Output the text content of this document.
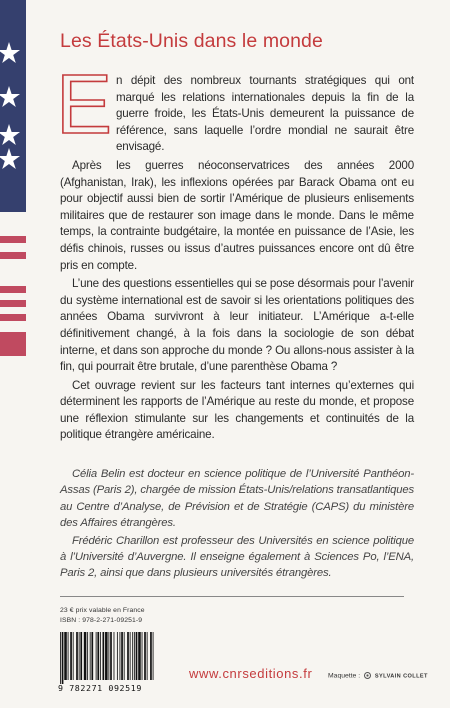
Les États-Unis dans le monde
E n dépit des nombreux tournants stratégiques qui ont marqué les relations internationales depuis la fin de la guerre froide, les États-Unis demeurent la puissance de référence, sans laquelle l’ordre mondial ne saurait être envisagé.

Après les guerres néoconservatrices des années 2000 (Afghanistan, Irak), les inflexions opérées par Barack Obama ont eu pour objectif aussi bien de sortir l’Amérique de plusieurs enlisements militaires que de restaurer son image dans le monde. Dans le même temps, la contrainte budgétaire, la montée en puissance de l’Asie, les défis chinois, russes ou issus d’autres puissances encore ont dû être pris en compte.

L’une des questions essentielles qui se pose désormais pour l’avenir du système international est de savoir si les orientations politiques des années Obama survivront à leur initiateur. L’Amérique a-t-elle définitivement changé, à la fois dans la sociologie de son débat interne, et dans son approche du monde ? Ou allons-nous assister à la fin, qui pourrait être brutale, d’une parenthèse Obama ?

Cet ouvrage revient sur les facteurs tant internes qu’externes qui déterminent les rapports de l’Amérique au reste du monde, et propose une réflexion stimulante sur les changements et continuités de la politique étrangère américaine.

Célia Belin est docteur en science politique de l’Université Panthéon-Assas (Paris 2), chargée de mission États-Unis/relations transatlantiques au Centre d’Analyse, de Prévision et de Stratégie (CAPS) du ministère des Affaires étrangères.

Frédéric Charillon est professeur des Universités en science politique à l’Université d’Auvergne. Il enseigne également à Sciences Po, l’ENA, Paris 2, ainsi que dans plusieurs universités étrangères.

23 € prix valable en France
ISBN : 978-2-271-09251-9
9 782271 092519
www.cnrseditions.fr Maquette :	SYLVAIN COLLET
